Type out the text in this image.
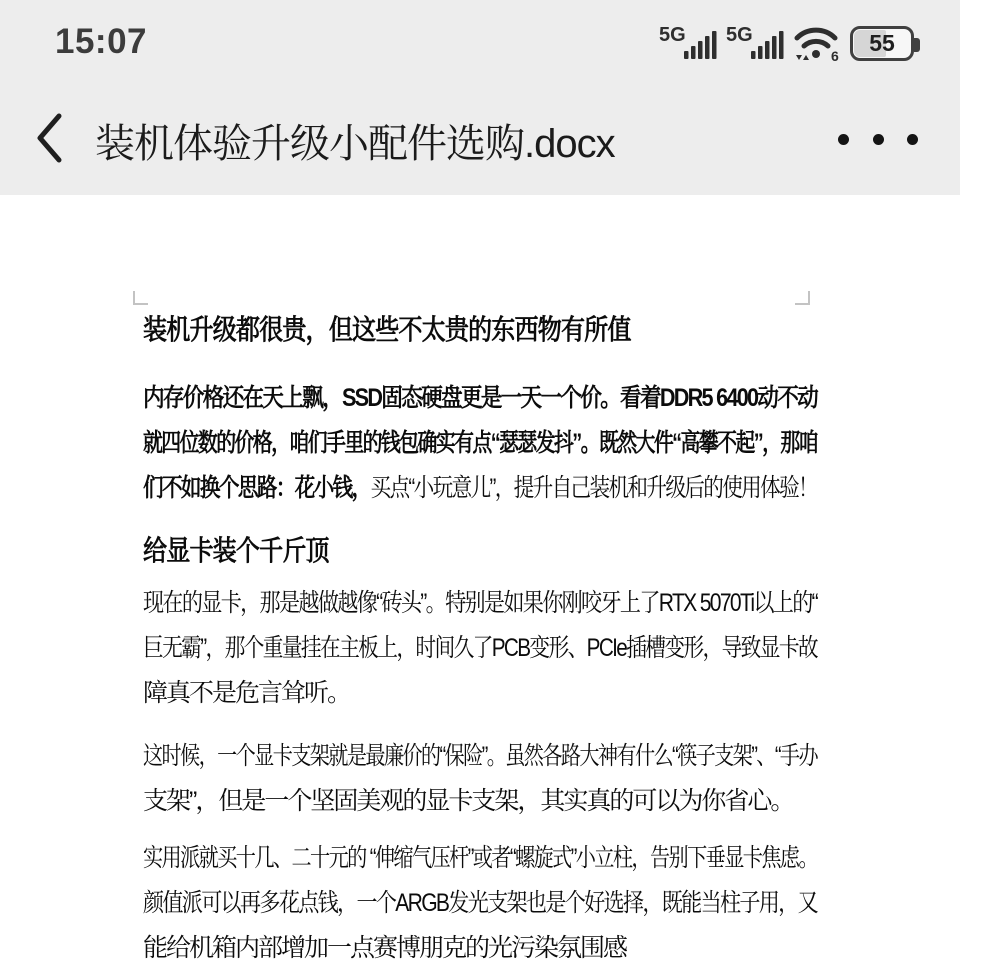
15:07	5G 5G
6
55
装机体验升级小配件选购.docx
装机升级都很贵，但这些不太贵的东西物有所值
内存价格还在天上飘，SSD固态硬盘更是一天一个价。看着DDR5 6400动不动
就四位数的价格，咱们手里的钱包确实有点“瑟瑟发抖”。既然大件“高攀不起”，那咱
们不如换个思路：花小钱，买点“小玩意儿”，提升自己装机和升级后的使用体验！
给显卡装个千斤顶
现在的显卡，那是越做越像“砖头”。特别是如果你刚咬牙上了RTX 5070Ti以上的“
巨无霸”，那个重量挂在主板上，时间久了PCB变形、PCIe插槽变形，导致显卡故
障真不是危言耸听。
这时候，一个显卡支架就是最廉价的“保险”。虽然各路大神有什么“筷子支架”、“手办
支架”，但是一个坚固美观的显卡支架，其实真的可以为你省心。
实用派就买十几、二十元的 “伸缩气压杆”或者“螺旋式”小立柱，告别下垂显卡焦虑。
颜值派可以再多花点钱，一个ARGB发光支架也是个好选择，既能当柱子用，又
能给机箱内部增加一点赛博朋克的光污染氛围感
